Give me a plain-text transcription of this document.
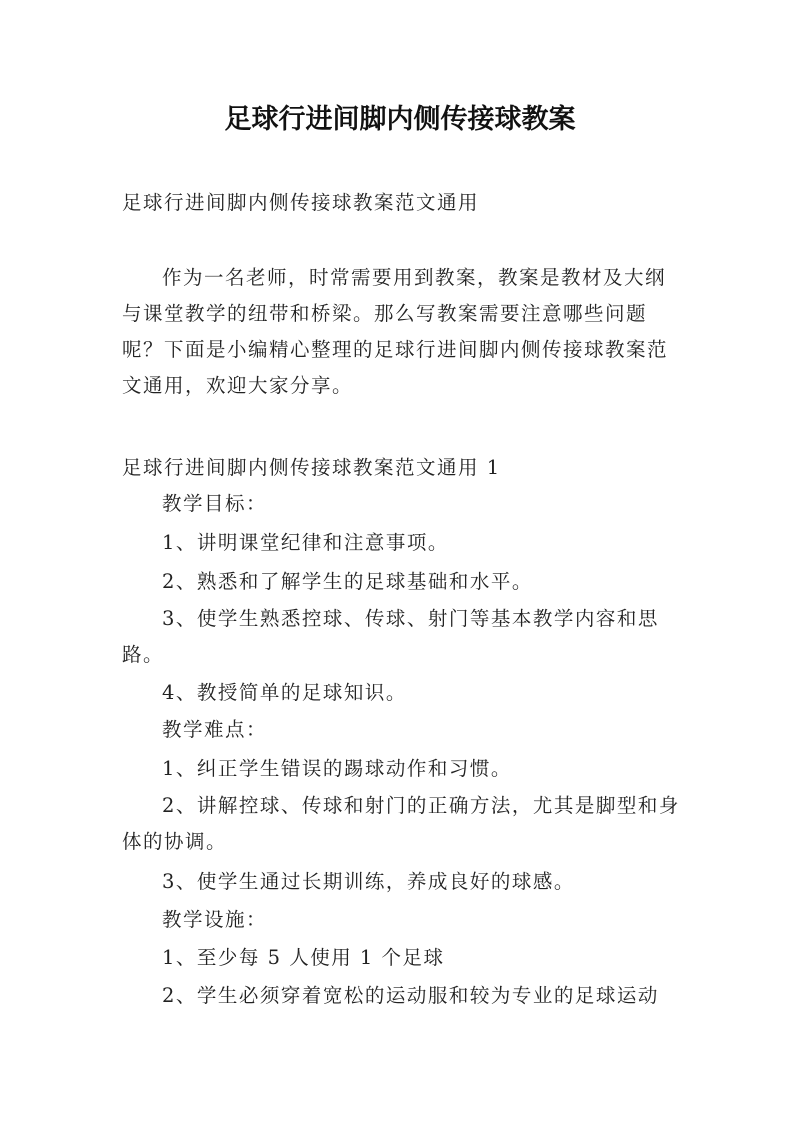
足球行进间脚内侧传接球教案
足球行进间脚内侧传接球教案范文通用
作为一名老师，时常需要用到教案，教案是教材及大纲与课堂教学的纽带和桥梁。那么写教案需要注意哪些问题呢？下面是小编精心整理的足球行进间脚内侧传接球教案范文通用，欢迎大家分享。
足球行进间脚内侧传接球教案范文通用 1
教学目标：
1、讲明课堂纪律和注意事项。
2、熟悉和了解学生的足球基础和水平。
3、使学生熟悉控球、传球、射门等基本教学内容和思路。
4、教授简单的足球知识。
教学难点：
1、纠正学生错误的踢球动作和习惯。
2、讲解控球、传球和射门的正确方法，尤其是脚型和身体的协调。
3、使学生通过长期训练，养成良好的球感。
教学设施：
1、至少每 5 人使用 1 个足球
2、学生必须穿着宽松的运动服和较为专业的足球运动
